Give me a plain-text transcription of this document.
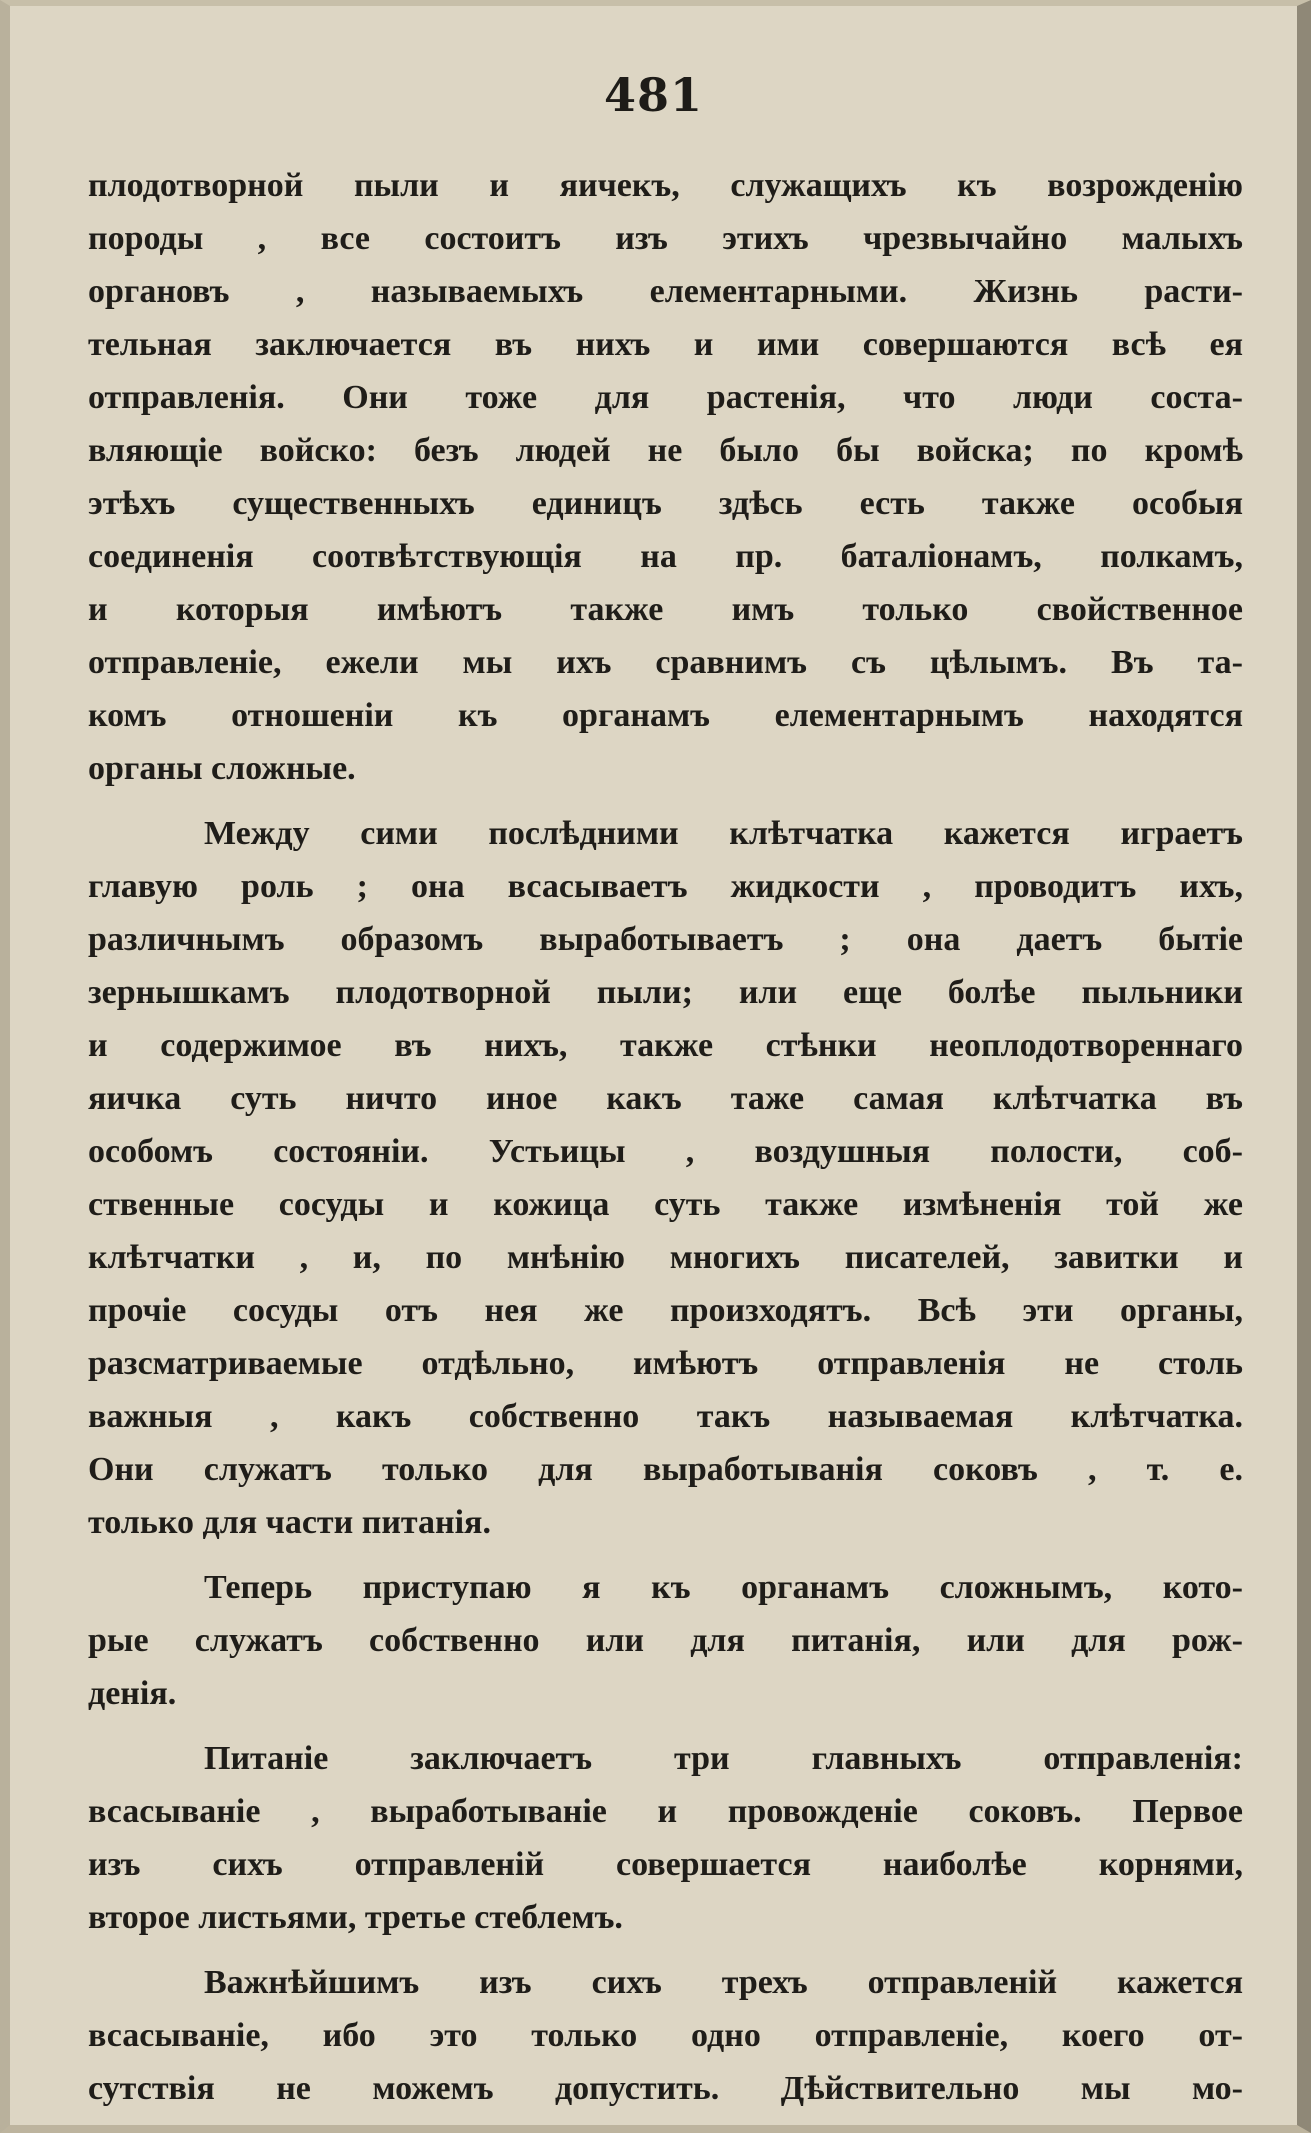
481
плодотворной пыли и яичекъ, служащихъ къ возрожденію
породы , все состоитъ изъ этихъ чрезвычайно малыхъ
органовъ , называемыхъ елементарными. Жизнь расти-
тельная заключается въ нихъ и ими совершаются всѣ ея
отправленія. Они тоже для растенія, что люди соста-
вляющіе войско: безъ людей не было бы войска; по кромѣ
этѣхъ существенныхъ единицъ здѣсь есть также особыя
соединенія соотвѣтствующія на пр. баталіонамъ, полкамъ,
и которыя имѣютъ также имъ только свойственное
отправленіе, ежели мы ихъ сравнимъ съ цѣлымъ. Въ та-
комъ отношеніи къ органамъ елементарнымъ находятся
органы сложные.
Между сими послѣдними клѣтчатка кажется играетъ
главую роль ; она всасываетъ жидкости , проводитъ ихъ,
различнымъ образомъ выработываетъ ; она даетъ бытіе
зернышкамъ плодотворной пыли; или еще болѣе пыльники
и содержимое въ нихъ, также стѣнки неоплодотвореннаго
яичка суть ничто иное какъ таже самая клѣтчатка въ
особомъ состояніи. Устьицы , воздушныя полости, соб-
ственные сосуды и кожица суть также измѣненія той же
клѣтчатки , и, по мнѣнію многихъ писателей, завитки и
прочіе сосуды отъ нея же произходятъ. Всѣ эти органы,
разсматриваемые отдѣльно, имѣютъ отправленія не столь
важныя , какъ собственно такъ называемая клѣтчатка.
Они служатъ только для выработыванія соковъ , т. е.
только для части питанія.
Теперь приступаю я къ органамъ сложнымъ, кото-
рые служатъ собственно или для питанія, или для рож-
денія.
Питаніе заключаетъ три главныхъ отправленія:
всасываніе , выработываніе и провожденіе соковъ. Первое
изъ сихъ отправленій совершается наиболѣе корнями,
второе листьями, третье стеблемъ.
Важнѣйшимъ изъ сихъ трехъ отправленій кажется
всасываніе, ибо это только одно отправленіе, коего от-
сутствія не можемъ допустить. Дѣйствительно мы мо-
